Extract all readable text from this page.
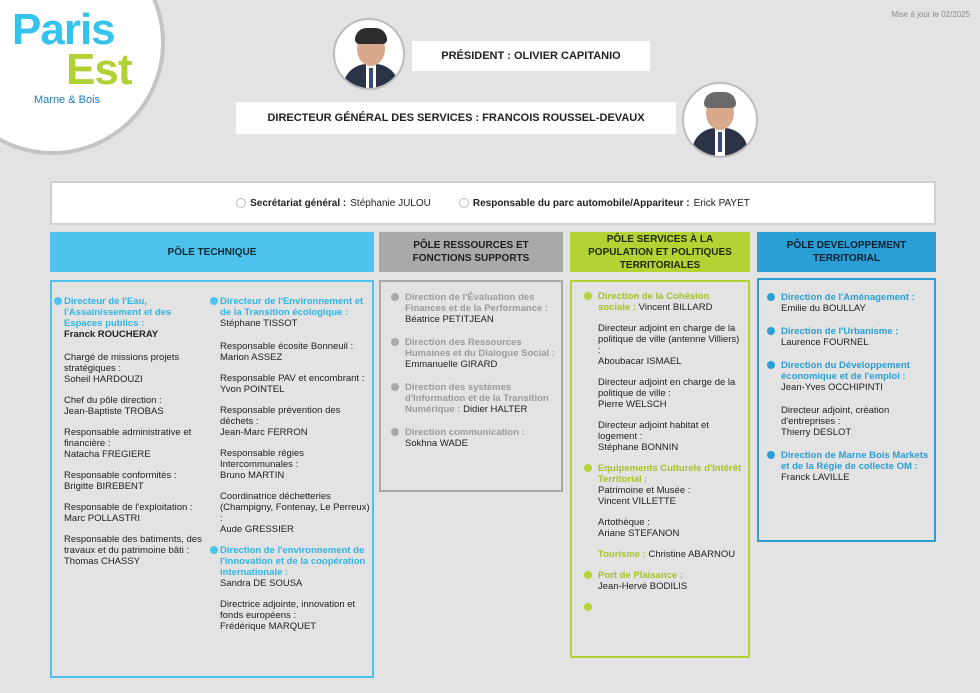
Paris
Est
Marne & Bois
Mise à jour le 02/2025
PRÉSIDENT : OLIVIER CAPITANIO
DIRECTEUR GÉNÉRAL DES SERVICES : FRANCOIS ROUSSEL-DEVAUX
Secrétariat général : Stéphanie JULOU	Responsable du parc automobile/Appariteur : Erick PAYET
PÔLE TECHNIQUE
PÔLE RESSOURCES ET FONCTIONS SUPPORTS
PÔLE SERVICES À LA POPULATION ET POLITIQUES TERRITORIALES
PÔLE DEVELOPPEMENT TERRITORIAL
Directeur de l'Eau, l'Assainissement et des Espaces publics :
Franck ROUCHERAY
Chargé de missions projets stratégiques :
Soheil HARDOUZI
Chef du pôle direction :
Jean-Baptiste TROBAS
Responsable administrative et financière :
Natacha FREGIERE
Responsable conformités :
Brigitte BIREBENT
Responsable de l'exploitation :
Marc POLLASTRI
Responsable des batiments, des travaux et du patrimoine bâti :
Thomas CHASSY
Directeur de l'Environnement et de la Transition écologique :
Stéphane TISSOT
Responsable écosite Bonneuil :
Marion ASSEZ
Responsable PAV et encombrant :
Yvon POINTEL
Responsable prévention des déchets :
Jean-Marc FERRON
Responsable régies Intercommunales :
Bruno MARTIN
Coordinatrice déchetteries (Champigny, Fontenay, Le Perreux) :
Aude GRESSIER
Direction de l'environnement de l'innovation et de la coopération internationale :
Sandra DE SOUSA
Directrice adjointe, innovation et fonds européens :
Frédérique MARQUET
Direction de l'Évaluation des Finances et de la Performance : Béatrice PETITJEAN
Direction des Ressources Humaines et du Dialogue Social : Emmanuelle GIRARD
Direction des systèmes d'Information et de la Transition Numérique : Didier HALTER
Direction communication : Sokhna WADE
Direction de la Cohésion sociale : Vincent BILLARD
Directeur adjoint en charge de la politique de ville (antenne Villiers) :
Aboubacar ISMAEL
Directeur adjoint en charge de la politique de ville :
Pierre WELSCH
Directeur adjoint habitat et logement :
Stéphane BONNIN
Equipements Culturels d'Intérêt Territorial :
Patrimoine et Musée :
Vincent VILLETTE
Artothèque :
Ariane STEFANON
Tourisme : Christine ABARNOU
Port de Plaisance :
Jean-Hervé BODILIS
Direction de l'Aménagement :
Emilie du BOULLAY
Direction de l'Urbanisme :
Laurence FOURNEL
Direction du Développement économique et de l'emploi :
Jean-Yves OCCHIPINTI
Directeur adjoint, création d'entreprises :
Thierry DESLOT
Direction de Marne Bois Markets et de la Régie de collecte OM :
Franck LAVILLE
